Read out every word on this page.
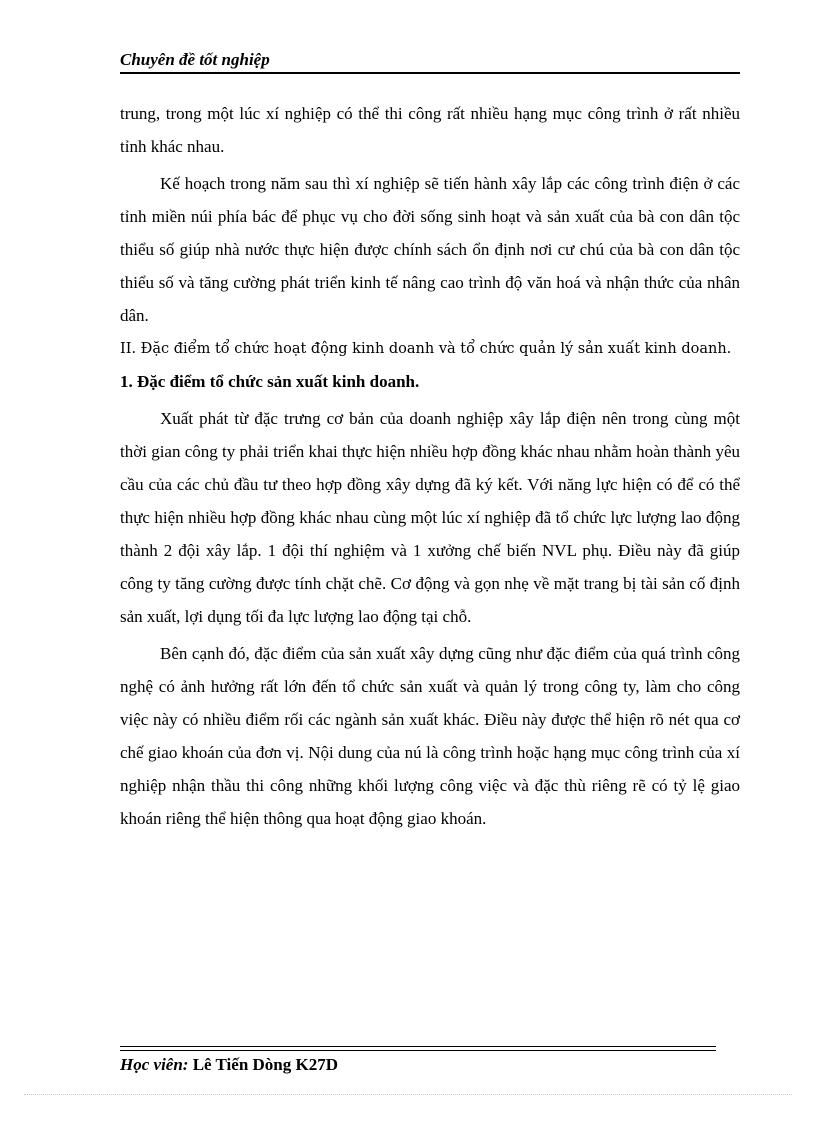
Chuyên đề tốt nghiệp

trung, trong một lúc xí nghiệp có thể thi công rất nhiều hạng mục công trình ở rất nhiều tỉnh khác nhau.

Kế hoạch trong năm sau thì xí nghiệp sẽ tiến hành xây lắp các công trình điện ở các tỉnh miền núi phía bác để phục vụ cho đời sống sinh hoạt và sản xuất của bà con dân tộc thiểu số giúp nhà nước thực hiện được chính sách ổn định nơi cư chú của bà con dân tộc thiểu số và tăng cường phát triển kinh tế nâng cao trình độ văn hoá và nhận thức của nhân dân.

II. Đặc điểm tổ chức hoạt động kinh doanh và tổ chức quản lý sản xuất kinh doanh.

1. Đặc điểm tổ chức sản xuất kinh doanh.

Xuất phát từ đặc trưng cơ bản của doanh nghiệp xây lắp điện nên trong cùng một thời gian công ty phải triển khai thực hiện nhiều hợp đồng khác nhau nhằm hoàn thành yêu cầu của các chủ đầu tư theo hợp đồng xây dựng đã ký kết. Với năng lực hiện có để có thể thực hiện nhiều hợp đồng khác nhau cùng một lúc xí nghiệp đã tổ chức lực lượng lao động thành 2 đội xây lắp. 1 đội thí nghiệm và 1 xưởng chế biến NVL phụ. Điều này đã giúp công ty tăng cường được tính chặt chẽ. Cơ động và gọn nhẹ về mặt trang bị tài sản cố định sản xuất, lợi dụng tối đa lực lượng lao động tại chỗ.

Bên cạnh đó, đặc điểm của sản xuất xây dựng cũng như đặc điểm của quá trình công nghệ có ảnh hưởng rất lớn đến tổ chức sản xuất và quản lý trong công ty, làm cho công việc này có nhiều điểm rối các ngành sản xuất khác. Điều này được thể hiện rõ nét qua cơ chế giao khoán của đơn vị. Nội dung của nú là công trình hoặc hạng mục công trình của xí nghiệp nhận thầu thi công những khối lượng công việc và đặc thù riêng rẽ có tỷ lệ giao khoán riêng thể hiện thông qua hoạt động giao khoán.

Học viên: Lê Tiến Dòng K27D
